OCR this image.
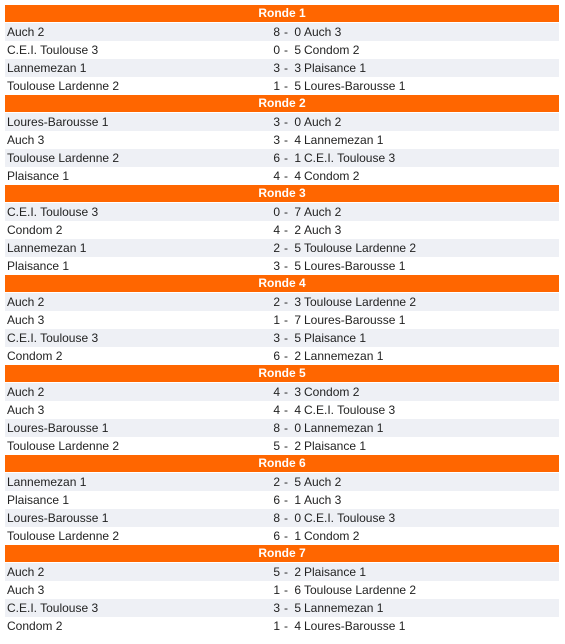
Ronde 1
Auch 2	8 - 0 Auch 3
C.E.I. Toulouse 3	0 - 5 Condom 2
Lannemezan 1	3 - 3 Plaisance 1
Toulouse Lardenne 2	1 - 5 Loures-Barousse 1
Ronde 2
Loures-Barousse 1	3 - 0 Auch 2
Auch 3	3 - 4 Lannemezan 1
Toulouse Lardenne 2	6 - 1 C.E.I. Toulouse 3
Plaisance 1	4 - 4 Condom 2
Ronde 3
C.E.I. Toulouse 3	0 - 7 Auch 2
Condom 2	4 - 2 Auch 3
Lannemezan 1	2 - 5 Toulouse Lardenne 2
Plaisance 1	3 - 5 Loures-Barousse 1
Ronde 4
Auch 2	2 - 3 Toulouse Lardenne 2
Auch 3	1 - 7 Loures-Barousse 1
C.E.I. Toulouse 3	3 - 5 Plaisance 1
Condom 2	6 - 2 Lannemezan 1
Ronde 5
Auch 2	4 - 3 Condom 2
Auch 3	4 - 4 C.E.I. Toulouse 3
Loures-Barousse 1	8 - 0 Lannemezan 1
Toulouse Lardenne 2	5 - 2 Plaisance 1
Ronde 6
Lannemezan 1	2 - 5 Auch 2
Plaisance 1	6 - 1 Auch 3
Loures-Barousse 1	8 - 0 C.E.I. Toulouse 3
Toulouse Lardenne 2	6 - 1 Condom 2
Ronde 7
Auch 2	5 - 2 Plaisance 1
Auch 3	1 - 6 Toulouse Lardenne 2
C.E.I. Toulouse 3	3 - 5 Lannemezan 1
Condom 2	1 - 4 Loures-Barousse 1
